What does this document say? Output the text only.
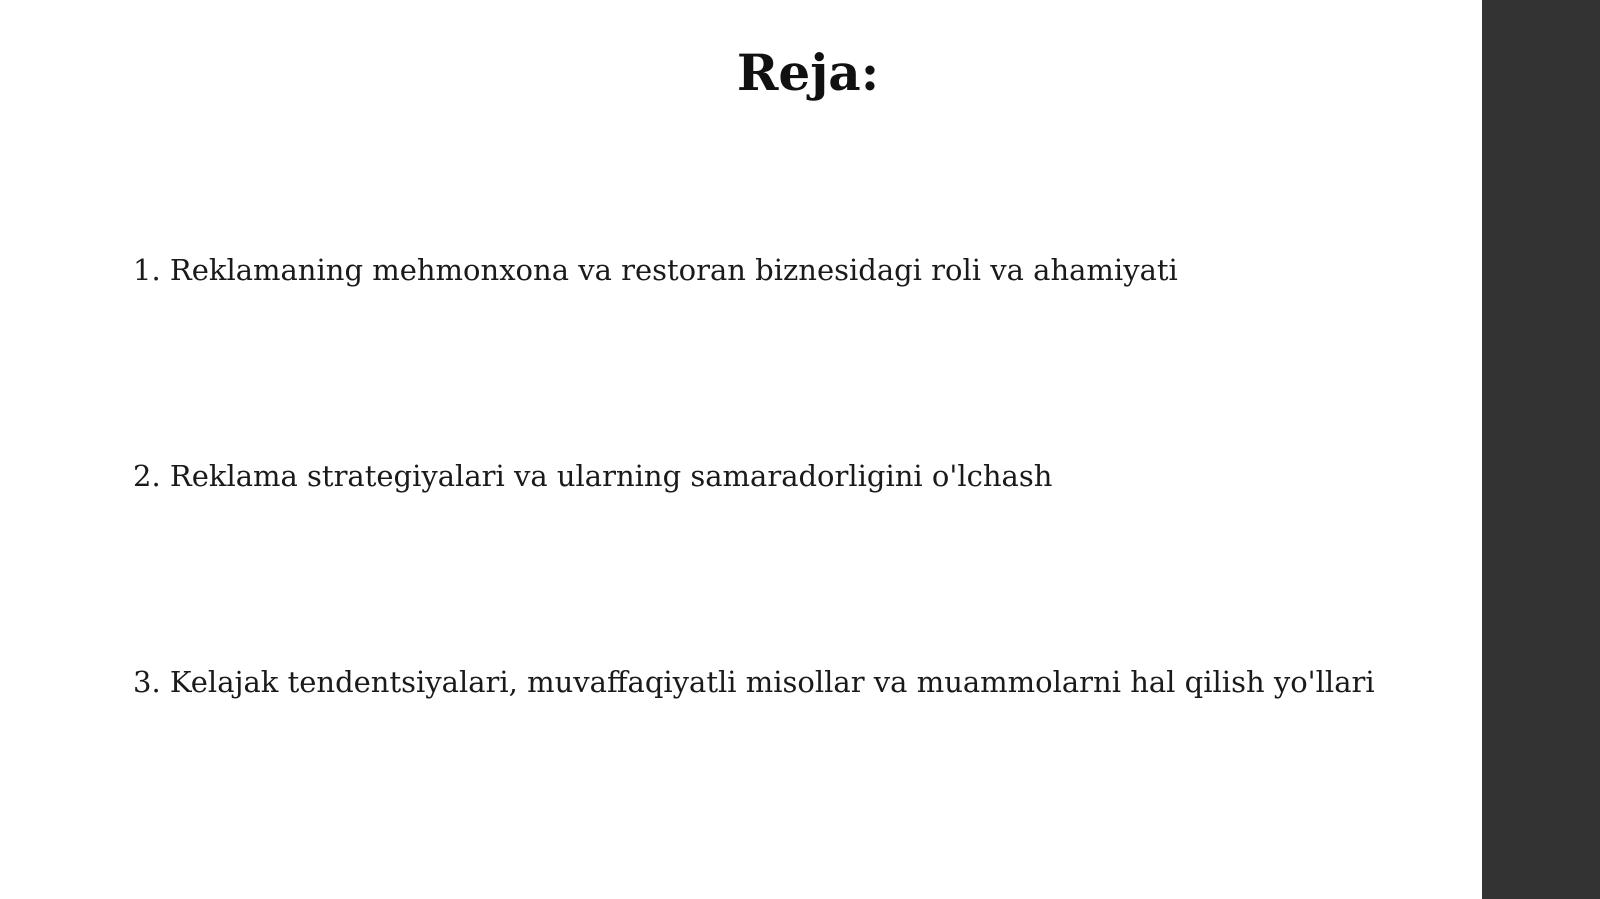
Reja:

1. Reklamaning mehmonxona va restoran biznesidagi roli va ahamiyati

2. Reklama strategiyalari va ularning samaradorligini o'lchash

3. Kelajak tendentsiyalari, muvaffaqiyatli misollar va muammolarni hal qilish yo'llari
